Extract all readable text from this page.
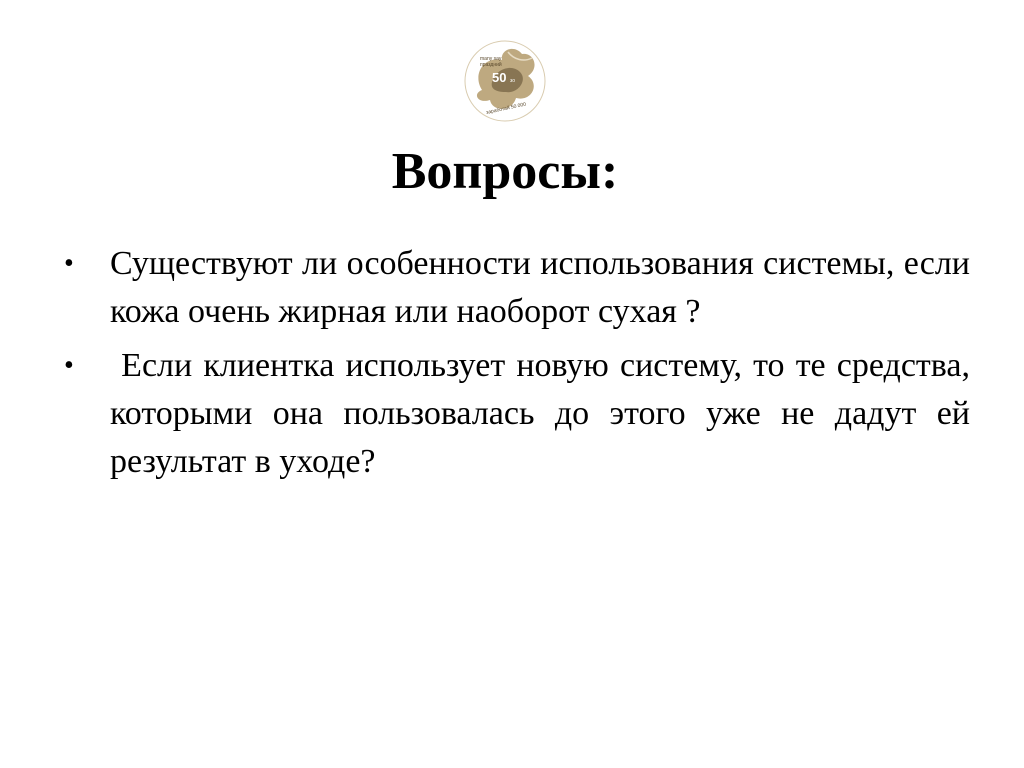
many say
праздний
50 зо
заработай 50 000
Вопросы:
•	Существуют ли особенности использования системы, если кожа очень жирная или наоборот сухая ?
•	Если клиентка использует новую систему, то те средства, которыми она пользовалась до этого уже не дадут ей результат в уходе?
